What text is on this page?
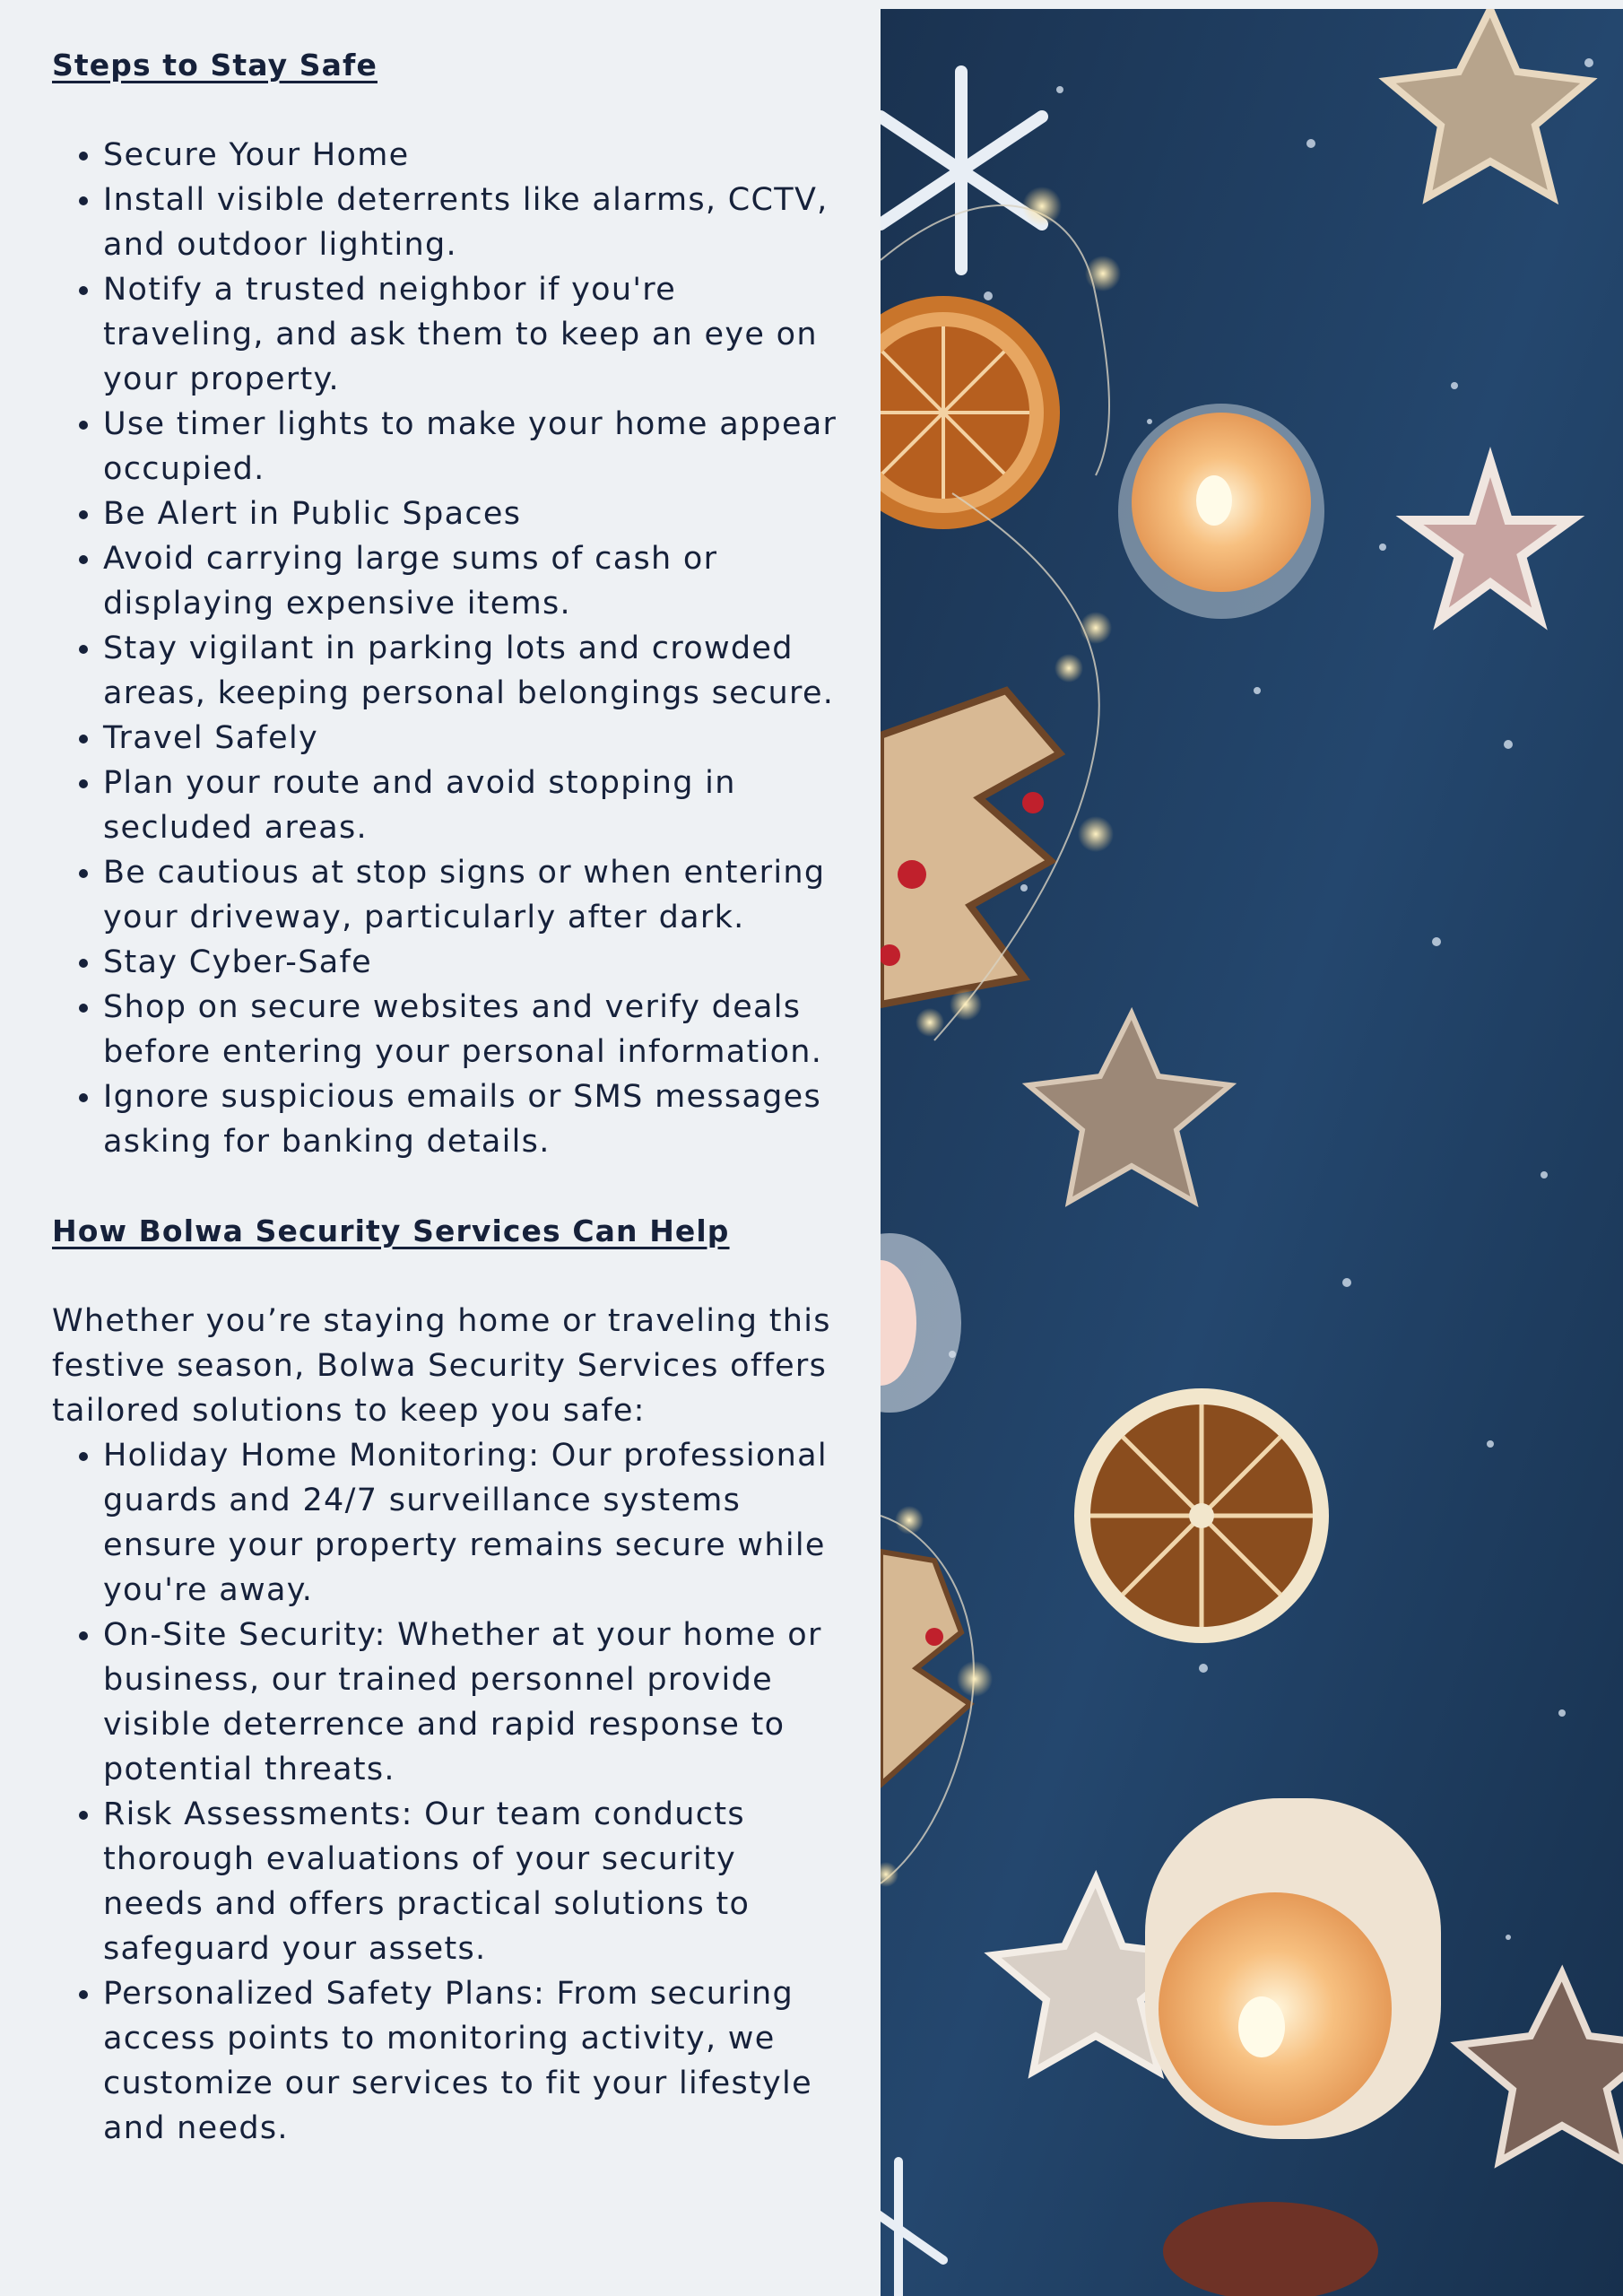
Steps to Stay Safe
• Secure Your Home
• Install visible deterrents like alarms, CCTV, and outdoor lighting.
• Notify a trusted neighbor if you're traveling, and ask them to keep an eye on your property.
• Use timer lights to make your home appear occupied.
• Be Alert in Public Spaces
• Avoid carrying large sums of cash or displaying expensive items.
• Stay vigilant in parking lots and crowded areas, keeping personal belongings secure.
• Travel Safely
• Plan your route and avoid stopping in secluded areas.
• Be cautious at stop signs or when entering your driveway, particularly after dark.
• Stay Cyber-Safe
• Shop on secure websites and verify deals before entering your personal information.
• Ignore suspicious emails or SMS messages asking for banking details.
How Bolwa Security Services Can Help

Whether you’re staying home or traveling this festive season, Bolwa Security Services offers tailored solutions to keep you safe:

• Holiday Home Monitoring: Our professional guards and 24/7 surveillance systems ensure your property remains secure while you're away.
• On-Site Security: Whether at your home or business, our trained personnel provide visible deterrence and rapid response to potential threats.
• Risk Assessments: Our team conducts thorough evaluations of your security needs and offers practical solutions to safeguard your assets.
• Personalized Safety Plans: From securing access points to monitoring activity, we customize our services to fit your lifestyle and needs.
